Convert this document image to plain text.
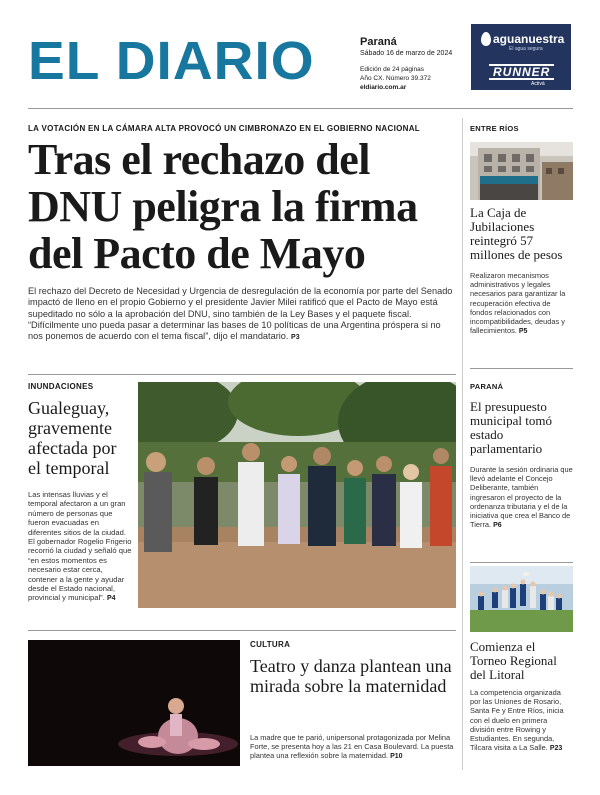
EL DIARIO	Paraná
Sábado 16 de marzo de 2024
Edición de 24 páginas
Año CX. Número 39.372
eldiario.com.ar
aguanuestra
El agua segura
RUNNER
Activá
LA VOTACIÓN EN LA CÁMARA ALTA PROVOCÓ UN CIMBRONAZO EN EL GOBIERNO NACIONAL
Tras el rechazo del DNU peligra la firma del Pacto de Mayo
El rechazo del Decreto de Necesidad y Urgencia de desregulación de la economía por parte del Senado impactó de lleno en el propio Gobierno y el presidente Javier Milei ratificó que el Pacto de Mayo está supeditado no sólo a la aprobación del DNU, sino también de la Ley Bases y el paquete fiscal. “Difícilmente uno pueda pasar a determinar las bases de 10 políticas de una Argentina próspera si no nos ponemos de acuerdo con el tema fiscal”, dijo el mandatario. P3
ENTRE RÍOS
La Caja de Jubilaciones reintegró 57 millones de pesos
Realizaron mecanismos administrativos y legales necesarios para garantizar la recuperación efectiva de fondos relacionados con incompatibilidades, deudas y fallecimientos. P5
PARANÁ
El presupuesto municipal tomó estado parlamentario
Durante la sesión ordinaria que llevó adelante el Concejo Deliberante, también ingresaron el proyecto de la ordenanza tributaria y el de la iniciativa que crea el Banco de Tierra. P6
Comienza el Torneo Regional del Litoral
La competencia organizada por las Uniones de Rosario, Santa Fe y Entre Ríos, inicia con el duelo en primera división entre Rowing y Estudiantes. En segunda, Tilcara visita a La Salle. P23
INUNDACIONES
Gualeguay, gravemente afectada por el temporal
Las intensas lluvias y el temporal afectaron a un gran número de personas que fueron evacuadas en diferentes sitios de la ciudad. El gobernador Rogelio Frigerio recorrió la ciudad y señaló que “en estos momentos es necesario estar cerca, contener a la gente y ayudar desde el Estado nacional, provincial y municipal”. P4
CULTURA
Teatro y danza plantean una mirada sobre la maternidad
La madre que te parió, unipersonal protagonizada por Melina Forte, se presenta hoy a las 21 en Casa Boulevard. La puesta plantea una reflexión sobre la maternidad. P10
